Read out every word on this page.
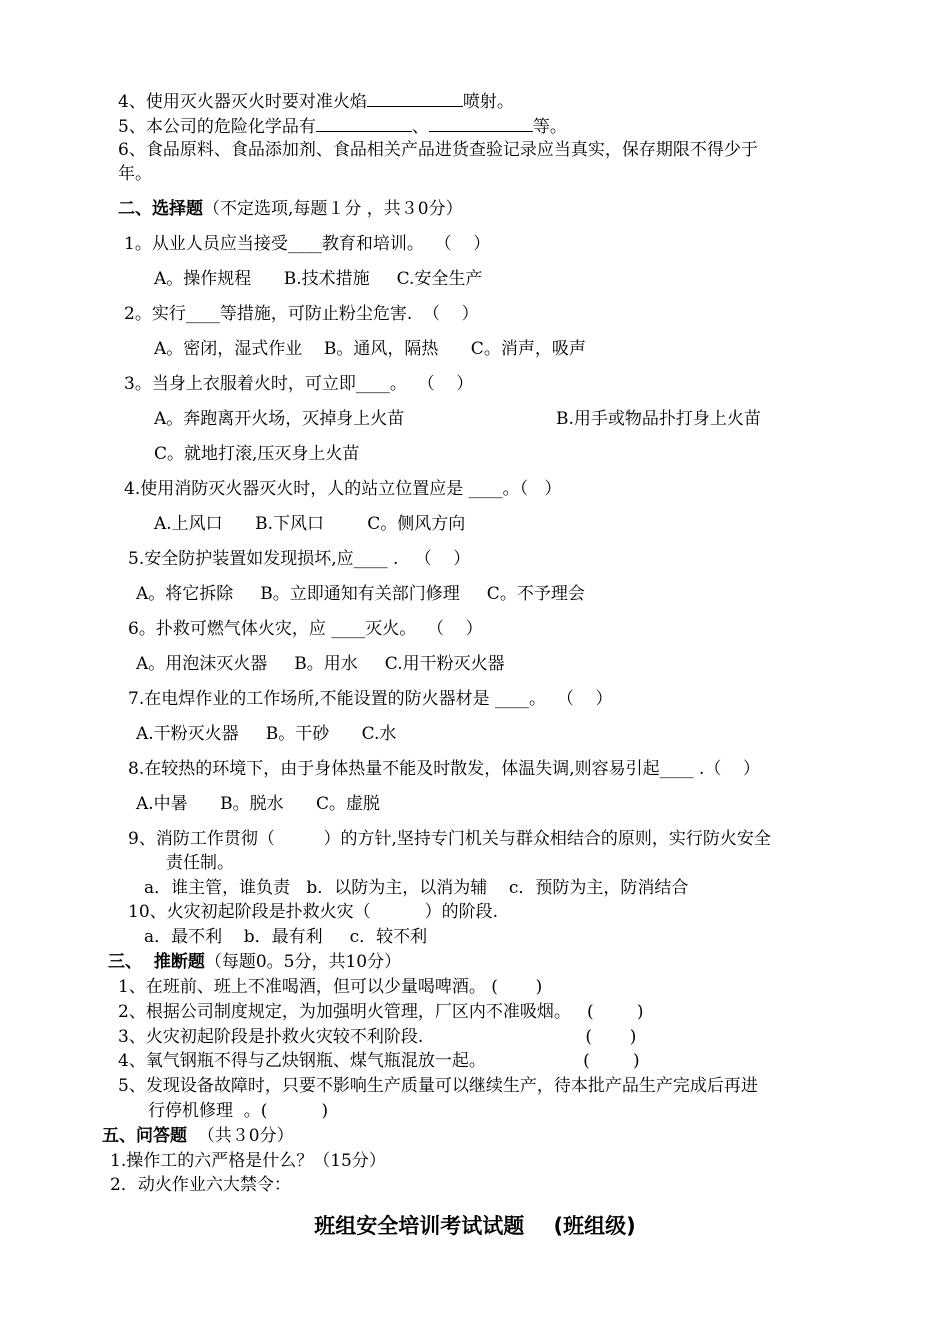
4、使用灭火器灭火时要对准火焰	喷射。
5、本公司的危险化学品有	、	等。
6、食品原料、食品添加剂、食品相关产品进货查验记录应当真实，保存期限不得少于
年。
二、选择题（不定选项,每题１分 ，共３0分）
1。从业人员应当接受____教育和培训。  （    ）
A。操作规程      B.技术措施     C.安全生产
2。实行____等措施，可防止粉尘危害.  （    ）
A。密闭，湿式作业    B。通风，隔热      C。消声，吸声
3。当身上衣服着火时，可立即____。  （    ）
A。奔跑离开火场，灭掉身上火苗	B.用手或物品扑打身上火苗
C。就地打滚,压灭身上火苗
4.使用消防灭火器灭火时，人的站立位置应是 ____。（   ）
A.上风口      B.下风口        C。侧风方向
5.安全防护装置如发现损坏,应____ .   （    ）
A。将它拆除     B。立即通知有关部门修理     C。不予理会
6。扑救可燃气体火灾，应 ____灭火。  （    ）
A。用泡沫灭火器     B。用水     C.用干粉灭火器
7.在电焊作业的工作场所,不能设置的防火器材是 ____。  （    ）
A.干粉灭火器     B。干砂      C.水
8.在较热的环境下，由于身体热量不能及时散发，体温失调,则容易引起____ .（    ）
A.中暑      B。脱水      C。虚脱
9、消防工作贯彻（         ）的方针,坚持专门机关与群众相结合的原则，实行防火安全
责任制。
a．谁主管，谁负责   b．以防为主，以消为辅    c．预防为主，防消结合
10、火灾初起阶段是扑救火灾（          ）的阶段.
a．最不利    b．最有利     c．较不利
三、  推断题（每题0。5分，共10分）
1、在班前、班上不准喝酒，但可以少量喝啤酒。 (       )
2、根据公司制度规定，为加强明火管理，厂区内不准吸烟。   (        )
3、火灾初起阶段是扑救火灾较不利阶段.                              (       )
4、氧气钢瓶不得与乙炔钢瓶、煤气瓶混放一起。                  (        )
5、发现设备故障时，只要不影响生产质量可以继续生产，待本批产品生产完成后再进
行停机修理  。(          )
五、问答题  （共３0分）
1.操作工的六严格是什么？（15分）
2．动火作业六大禁令：
班组安全培训考试试题    (班组级)
